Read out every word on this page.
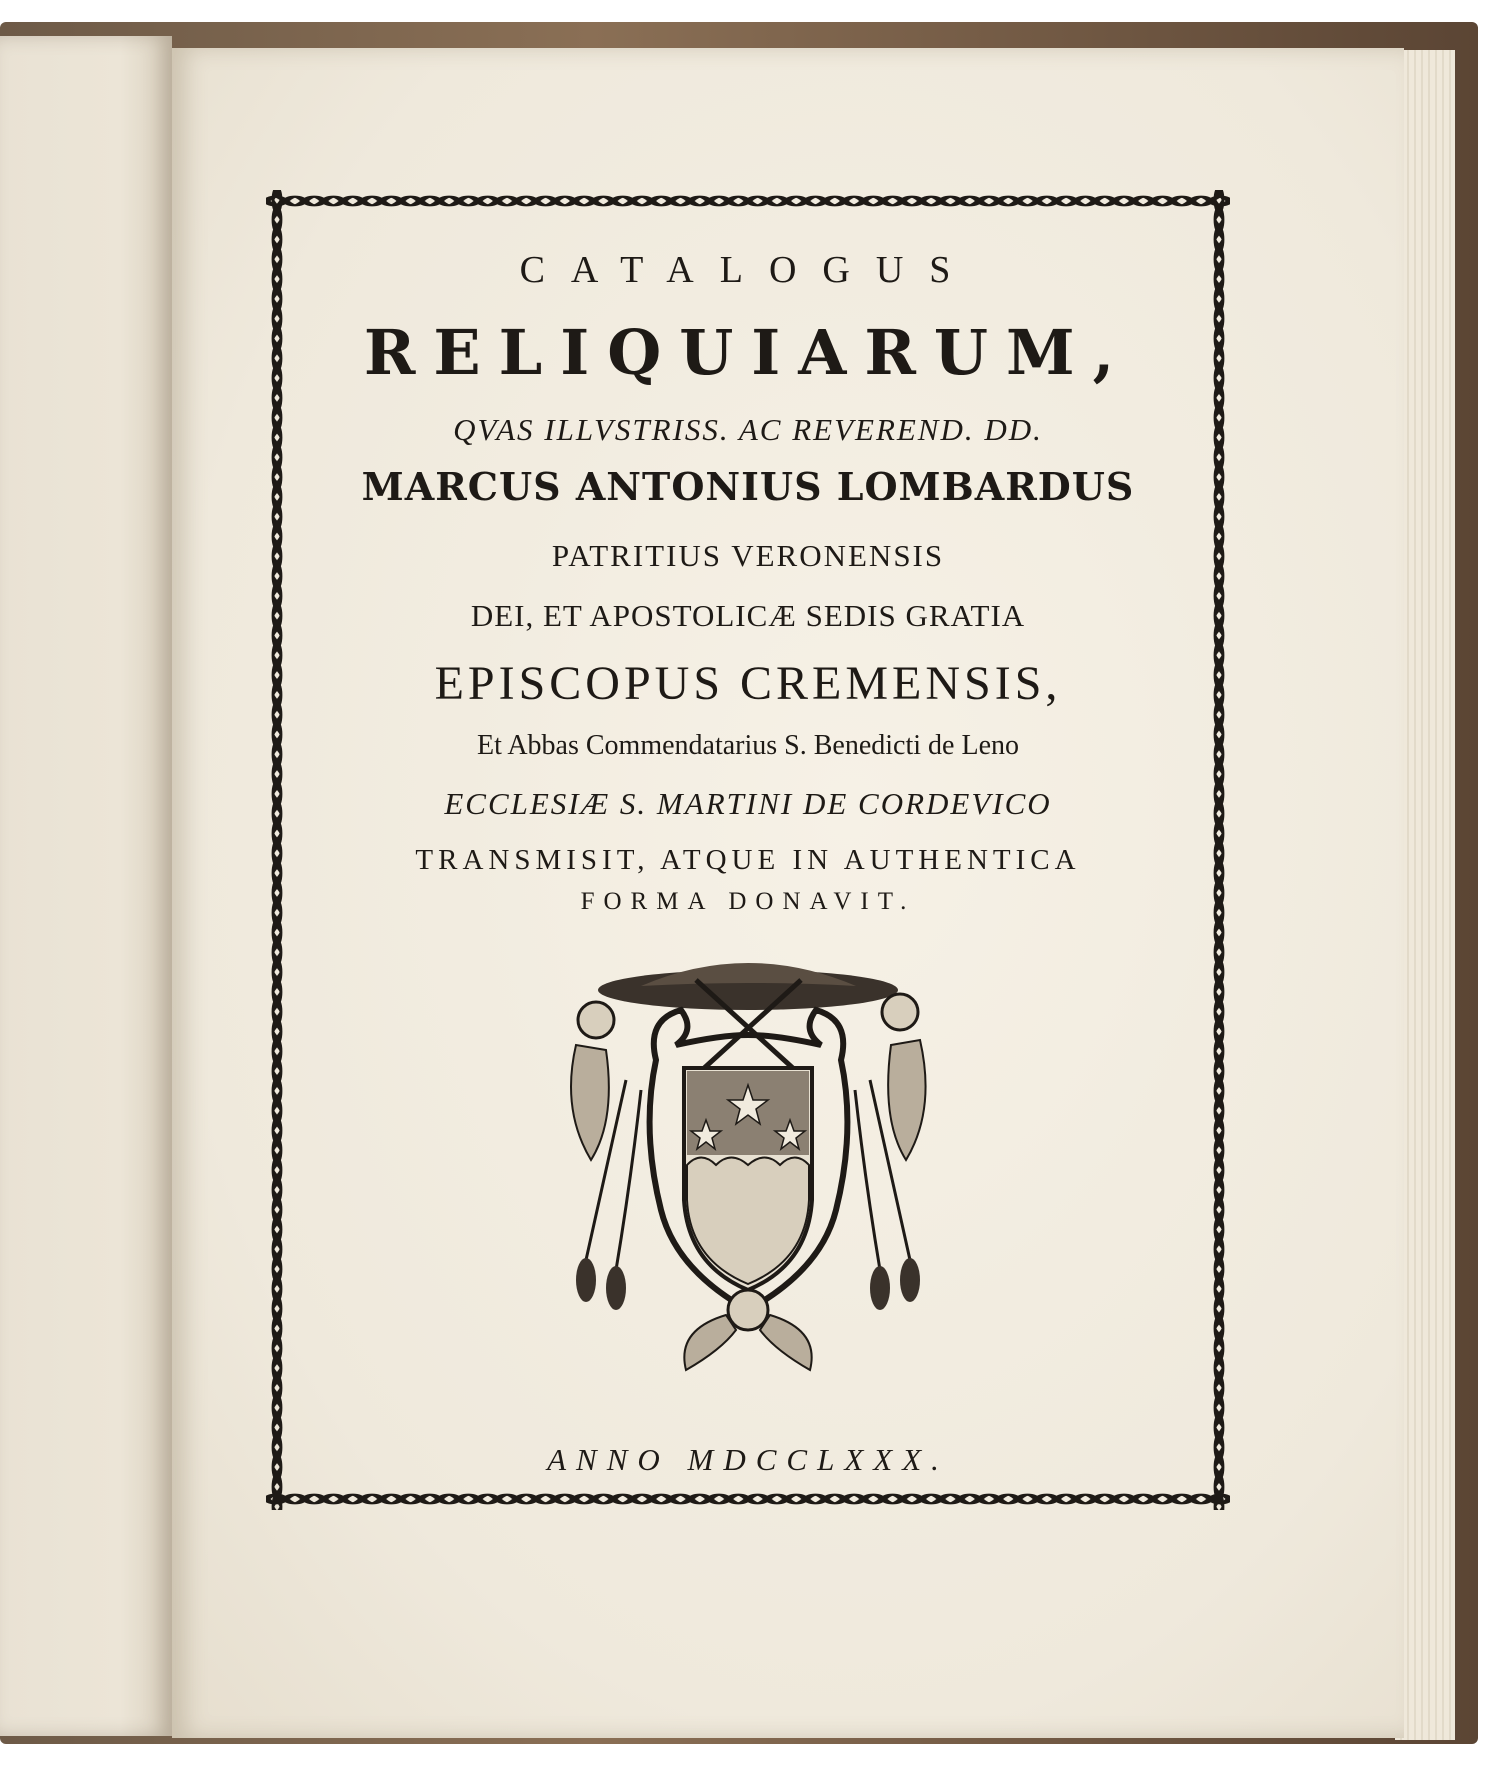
CATALOGUS
RELIQUIARUM,
QVAS ILLVSTRISS. AC REVEREND. DD.
MARCUS ANTONIUS LOMBARDUS
PATRITIUS VERONENSIS
DEI, ET APOSTOLICÆ SEDIS GRATIA
EPISCOPUS CREMENSIS,
Et Abbas Commendatarius S. Benedicti de Leno
ECCLESIÆ S. MARTINI DE CORDEVICO
TRANSMISIT, ATQUE IN AUTHENTICA
FORMA DONAVIT.
ANNO MDCCLXXX.
